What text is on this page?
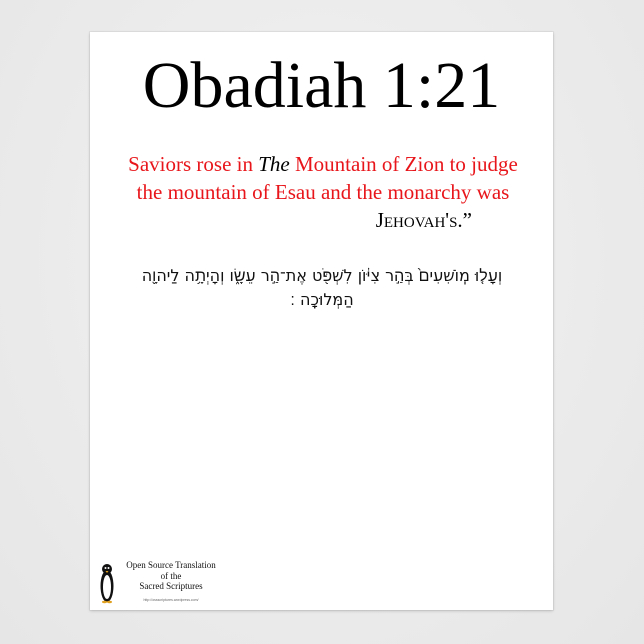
Obadiah 1:21
Saviors rose in The Mountain of Zion to judge
the mountain of Esau and the monarchy was
Jehovah's.”
וְעָל֤וּ מֽוֹשִׁעִים֙ בְּהַ֣ר צִיּ֔וֹן לִשְׁפֹּ֖ט אֶת־הַ֣ר עֵשָׂ֑ו וְהָיְתָ֥ה לַיהוָ֖ה
הַמְּלוּכָֽה ׃
Open Source Translation
of the
Sacred Scriptures
http://ossscriptures.wordpress.com/
